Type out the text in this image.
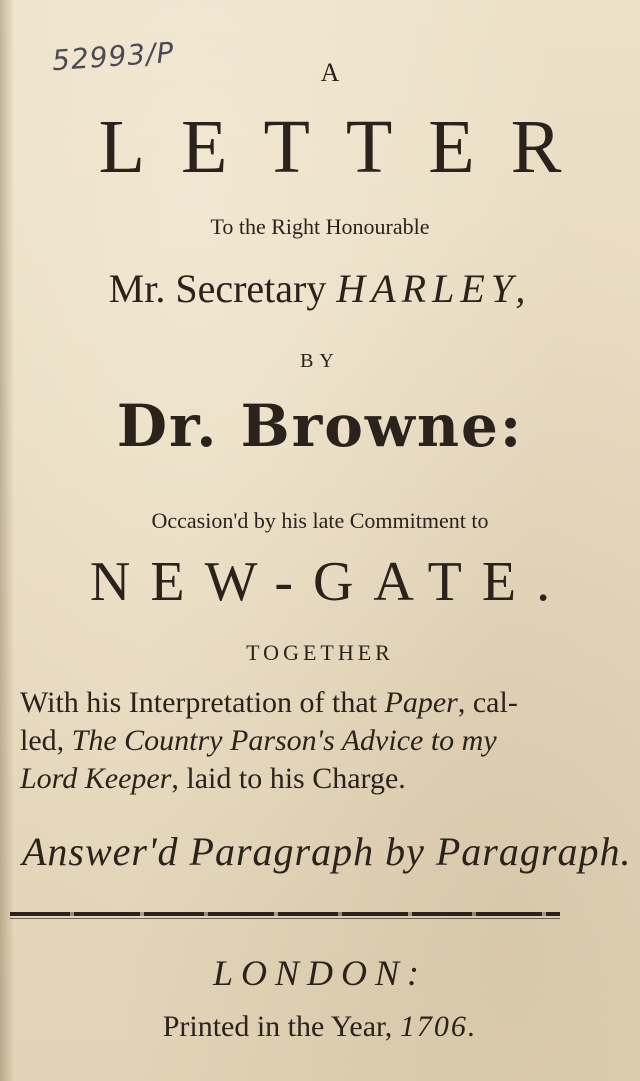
52993/P	A
LETTER
To the Right Honourable
Mr. Secretary HARLEY,
BY
Dr. Browne:
Occasion'd by his late Commitment to
NEW-GATE.
TOGETHER
With his Interpretation of that Paper, cal-
led, The Country Parson's Advice to my
Lord Keeper, laid to his Charge.
Answer'd Paragraph by Paragraph.
LONDON:
Printed in the Year, 1706.
